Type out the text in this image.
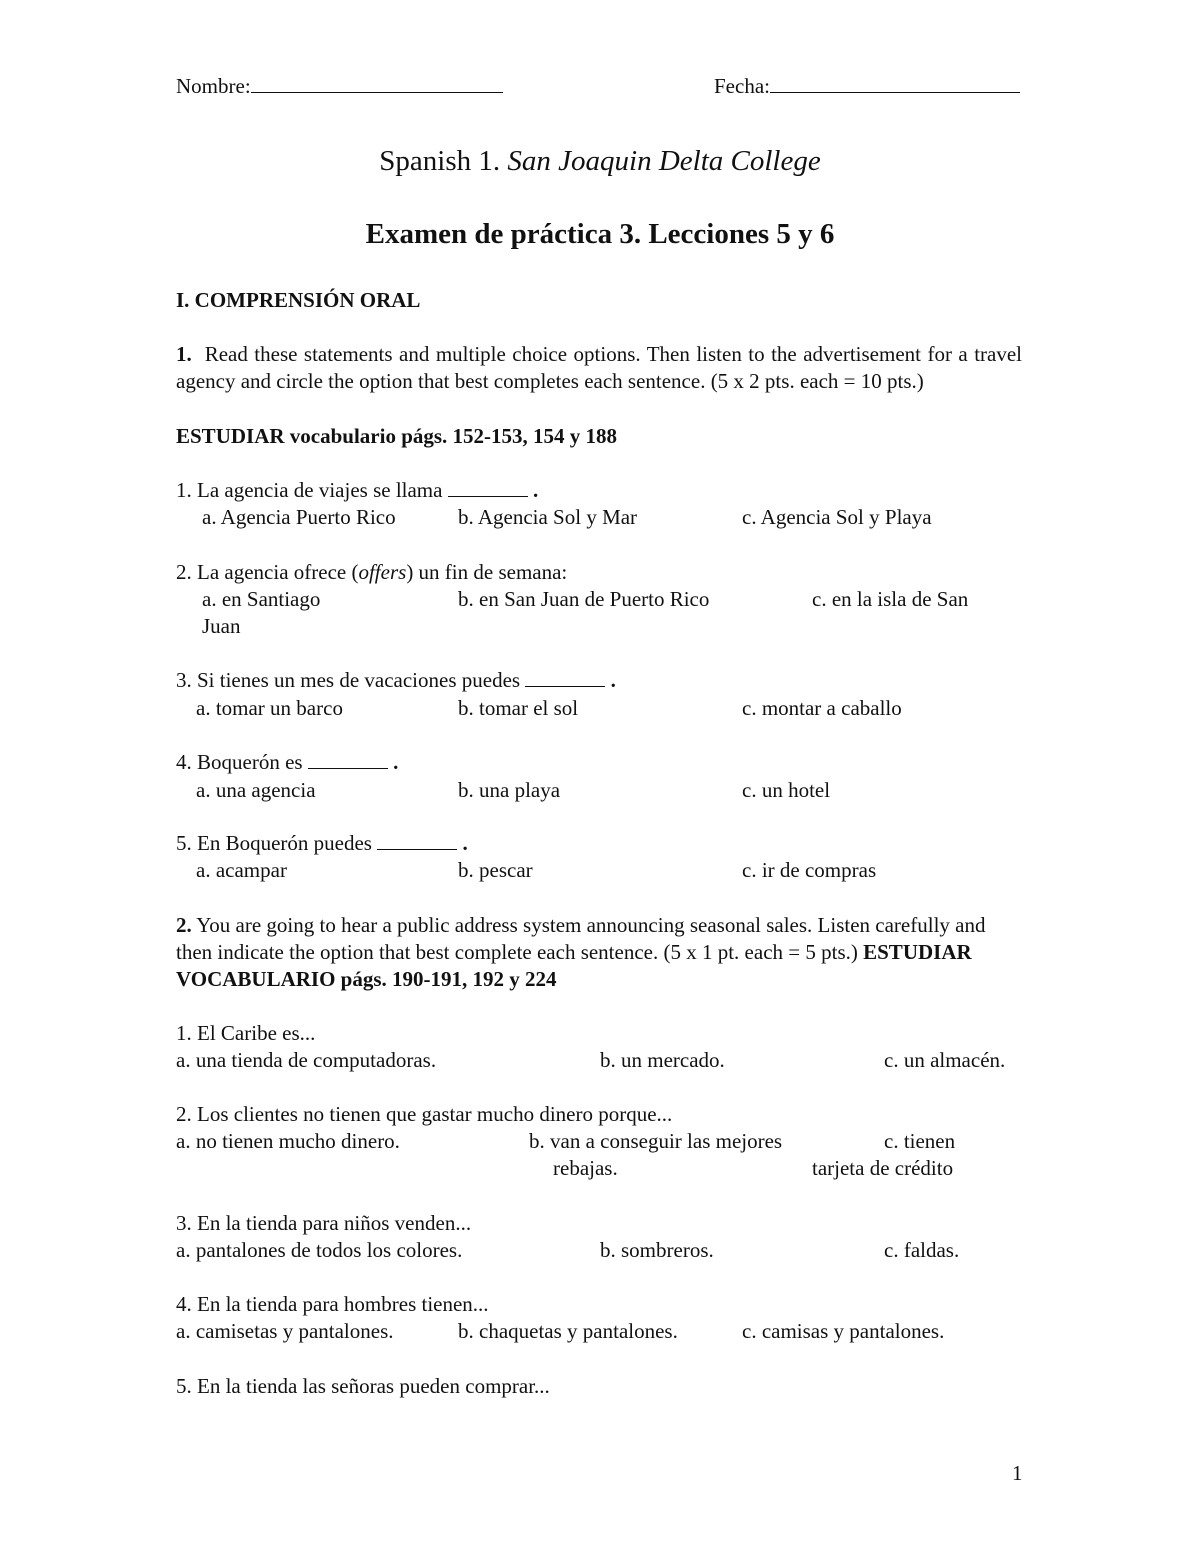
Nombre:	Fecha:
Spanish 1. San Joaquin Delta College
Examen de práctica 3. Lecciones 5 y 6
I. COMPRENSIÓN ORAL
1. Read these statements and multiple choice options. Then listen to the advertisement for a travel agency and circle the option that best completes each sentence. (5 x 2 pts. each = 10 pts.)
ESTUDIAR vocabulario págs. 152-153, 154 y 188
1. La agencia de viajes se llama	.
a. Agencia Puerto Rico	b. Agencia Sol y Mar	c. Agencia Sol y Playa
2. La agencia ofrece (offers) un fin de semana:
a. en Santiago	b. en San Juan de Puerto Rico	c. en la isla de San
Juan
3. Si tienes un mes de vacaciones puedes	.
a. tomar un barco	b. tomar el sol	c. montar a caballo
4. Boquerón es	.
a. una agencia	b. una playa	c. un hotel
5. En Boquerón puedes	.
a. acampar	b. pescar	c. ir de compras
2. You are going to hear a public address system announcing seasonal sales. Listen carefully and then indicate the option that best complete each sentence. (5 x 1 pt. each = 5 pts.) ESTUDIAR VOCABULARIO págs. 190-191, 192 y 224
1. El Caribe es...
a. una tienda de computadoras.	b. un mercado.	c. un almacén.
2. Los clientes no tienen que gastar mucho dinero porque...
a. no tienen mucho dinero.	b. van a conseguir las mejores	c. tienen
rebajas.	tarjeta de crédito
3. En la tienda para niños venden...
a. pantalones de todos los colores.	b. sombreros.	c. faldas.
4. En la tienda para hombres tienen...
a. camisetas y pantalones.	b. chaquetas y pantalones.	c. camisas y pantalones.
5. En la tienda las señoras pueden comprar...
1
